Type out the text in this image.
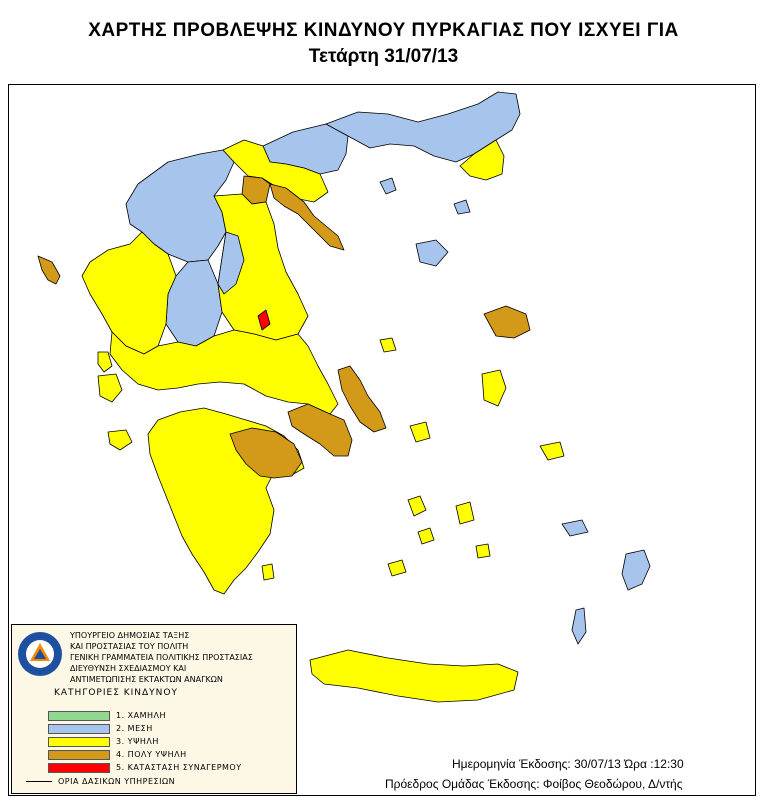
ΧΑΡΤΗΣ ΠΡΟΒΛΕΨΗΣ ΚΙΝΔΥΝΟΥ ΠΥΡΚΑΓΙΑΣ ΠΟΥ ΙΣΧΥΕΙ ΓΙΑ
Τετάρτη 31/07/13
ΥΠΟΥΡΓΕΙΟ ΔΗΜΟΣΙΑΣ ΤΑΞΗΣ
ΚΑΙ ΠΡΟΣΤΑΣΙΑΣ ΤΟΥ ΠΟΛΙΤΗ
ΓΕΝΙΚΗ ΓΡΑΜΜΑΤΕΙΑ ΠΟΛΙΤΙΚΗΣ ΠΡΟΣΤΑΣΙΑΣ
ΔΙΕΥΘΥΝΣΗ ΣΧΕΔΙΑΣΜΟΥ ΚΑΙ
ΑΝΤΙΜΕΤΩΠΙΣΗΣ ΕΚΤΑΚΤΩΝ ΑΝΑΓΚΩΝ
ΚΑΤΗΓΟΡΙΕΣ ΚΙΝΔΥΝΟΥ
1. ΧΑΜΗΛΗ
2. ΜΕΣΗ
3. ΥΨΗΛΗ
4. ΠΟΛΥ ΥΨΗΛΗ
5. ΚΑΤΑΣΤΑΣΗ ΣΥΝΑΓΕΡΜΟΥ
ΟΡΙΑ ΔΑΣΙΚΩΝ ΥΠΗΡΕΣΙΩΝ
Ημερομηνία Έκδοσης: 30/07/13 Ώρα :12:30
Πρόεδρος Ομάδας Έκδοσης: Φοίβος Θεοδώρου, Δ/ντής
